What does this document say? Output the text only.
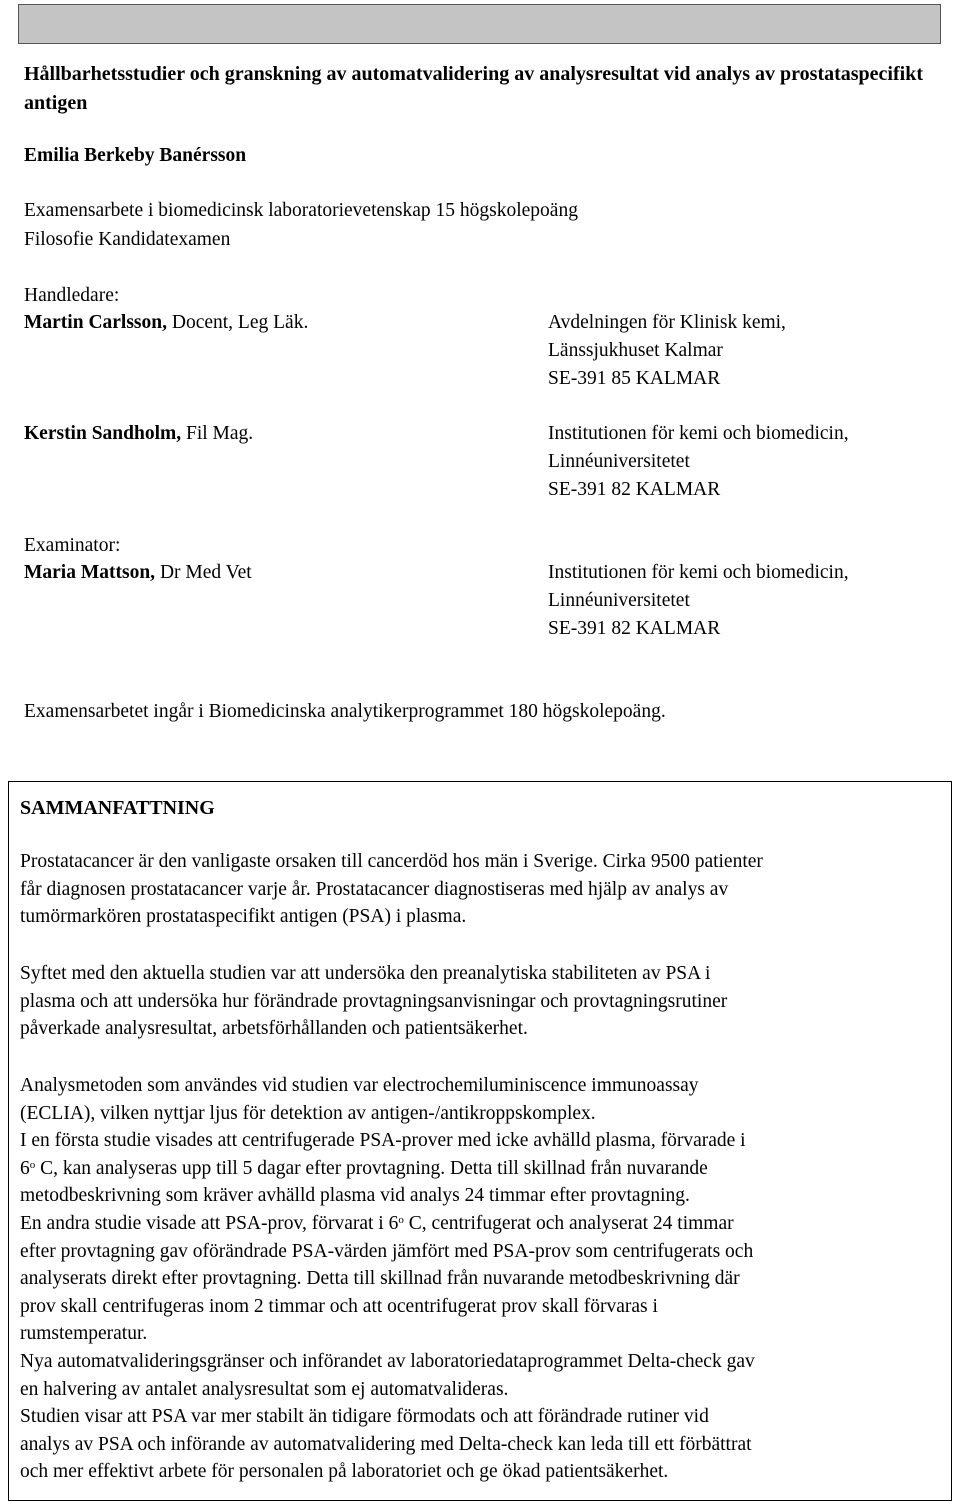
Hållbarhetsstudier och granskning av automatvalidering av analysresultat vid analys av prostataspecifikt antigen
Emilia Berkeby Banérsson
Examensarbete i biomedicinsk laboratorievetenskap 15 högskolepoäng
Filosofie Kandidatexamen
Handledare:
Martin Carlsson, Docent, Leg Läk.	Avdelningen för Klinisk kemi,
Länssjukhuset Kalmar
SE-391 85 KALMAR
Kerstin Sandholm, Fil Mag.	Institutionen för kemi och biomedicin,
Linnéuniversitetet
SE-391 82 KALMAR
Examinator:
Maria Mattson, Dr Med Vet	Institutionen för kemi och biomedicin,
Linnéuniversitetet
SE-391 82 KALMAR
Examensarbetet ingår i Biomedicinska analytikerprogrammet 180 högskolepoäng.
SAMMANFATTNING
Prostatacancer är den vanligaste orsaken till cancerdöd hos män i Sverige. Cirka 9500 patienter
får diagnosen prostatacancer varje år. Prostatacancer diagnostiseras med hjälp av analys av
tumörmarkören prostataspecifikt antigen (PSA) i plasma.
Syftet med den aktuella studien var att undersöka den preanalytiska stabiliteten av PSA i
plasma och att undersöka hur förändrade provtagningsanvisningar och provtagningsrutiner
påverkade analysresultat, arbetsförhållanden och patientsäkerhet.
Analysmetoden som användes vid studien var electrochemiluminiscence immunoassay
(ECLIA), vilken nyttjar ljus för detektion av antigen-/antikroppskomplex.
I en första studie visades att centrifugerade PSA-prover med icke avhälld plasma, förvarade i
6$^o$ C, kan analyseras upp till 5 dagar efter provtagning. Detta till skillnad från nuvarande
metodbeskrivning som kräver avhälld plasma vid analys 24 timmar efter provtagning.
En andra studie visade att PSA-prov, förvarat i 6$^o$ C, centrifugerat och analyserat 24 timmar
efter provtagning gav oförändrade PSA-värden jämfört med PSA-prov som centrifugerats och
analyserats direkt efter provtagning. Detta till skillnad från nuvarande metodbeskrivning där
prov skall centrifugeras inom 2 timmar och att ocentrifugerat prov skall förvaras i
rumstemperatur.
Nya automatvalideringsgränser och införandet av laboratoriedataprogrammet Delta-check gav
en halvering av antalet analysresultat som ej automatvalideras.
Studien visar att PSA var mer stabilt än tidigare förmodats och att förändrade rutiner vid
analys av PSA och införande av automatvalidering med Delta-check kan leda till ett förbättrat
och mer effektivt arbete för personalen på laboratoriet och ge ökad patientsäkerhet.
